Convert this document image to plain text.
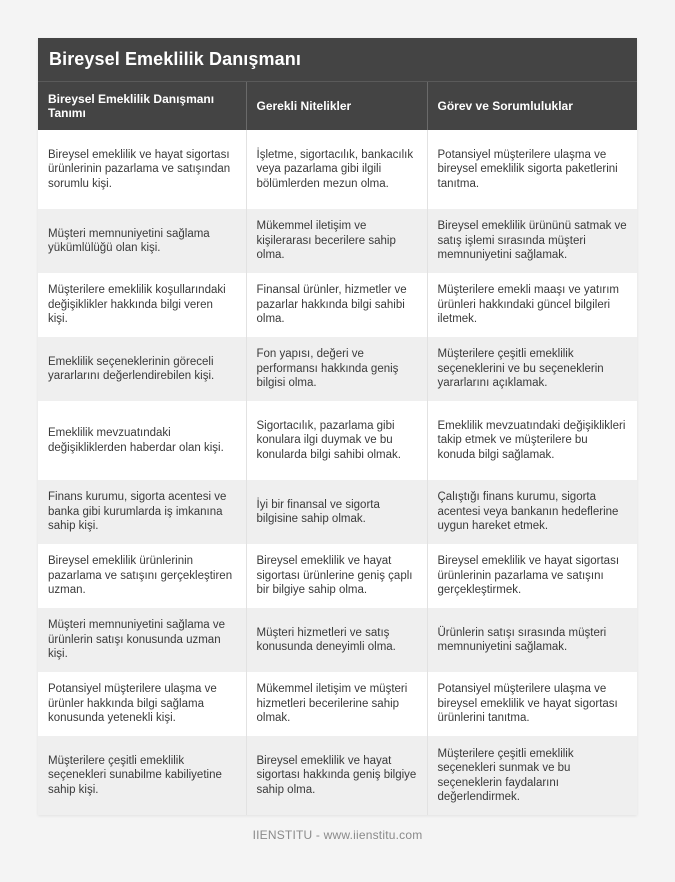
Bireysel Emeklilik Danışmanı
Bireysel Emeklilik Danışmanı Tanımı	Gerekli Nitelikler	Görev ve Sorumluluklar
Bireysel emeklilik ve hayat sigortası ürünlerinin pazarlama ve satışından sorumlu kişi.	İşletme, sigortacılık, bankacılık veya pazarlama gibi ilgili bölümlerden mezun olma.	Potansiyel müşterilere ulaşma ve bireysel emeklilik sigorta paketlerini tanıtma.
Müşteri memnuniyetini sağlama yükümlülüğü olan kişi.	Mükemmel iletişim ve kişilerarası becerilere sahip olma.	Bireysel emeklilik ürününü satmak ve satış işlemi sırasında müşteri memnuniyetini sağlamak.
Müşterilere emeklilik koşullarındaki değişiklikler hakkında bilgi veren kişi.	Finansal ürünler, hizmetler ve pazarlar hakkında bilgi sahibi olma.	Müşterilere emekli maaşı ve yatırım ürünleri hakkındaki güncel bilgileri iletmek.
Emeklilik seçeneklerinin göreceli yararlarını değerlendirebilen kişi.	Fon yapısı, değeri ve performansı hakkında geniş bilgisi olma.	Müşterilere çeşitli emeklilik seçeneklerini ve bu seçeneklerin yararlarını açıklamak.
Emeklilik mevzuatındaki değişikliklerden haberdar olan kişi.	Sigortacılık, pazarlama gibi konulara ilgi duymak ve bu konularda bilgi sahibi olmak.	Emeklilik mevzuatındaki değişiklikleri takip etmek ve müşterilere bu konuda bilgi sağlamak.
Finans kurumu, sigorta acentesi ve banka gibi kurumlarda iş imkanına sahip kişi.	İyi bir finansal ve sigorta bilgisine sahip olmak.	Çalıştığı finans kurumu, sigorta acentesi veya bankanın hedeflerine uygun hareket etmek.
Bireysel emeklilik ürünlerinin pazarlama ve satışını gerçekleştiren uzman.	Bireysel emeklilik ve hayat sigortası ürünlerine geniş çaplı bir bilgiye sahip olma.	Bireysel emeklilik ve hayat sigortası ürünlerinin pazarlama ve satışını gerçekleştirmek.
Müşteri memnuniyetini sağlama ve ürünlerin satışı konusunda uzman kişi.	Müşteri hizmetleri ve satış konusunda deneyimli olma.	Ürünlerin satışı sırasında müşteri memnuniyetini sağlamak.
Potansiyel müşterilere ulaşma ve ürünler hakkında bilgi sağlama konusunda yetenekli kişi.	Mükemmel iletişim ve müşteri hizmetleri becerilerine sahip olmak.	Potansiyel müşterilere ulaşma ve bireysel emeklilik ve hayat sigortası ürünlerini tanıtma.
Müşterilere çeşitli emeklilik seçenekleri sunabilme kabiliyetine sahip kişi.	Bireysel emeklilik ve hayat sigortası hakkında geniş bilgiye sahip olma.	Müşterilere çeşitli emeklilik seçenekleri sunmak ve bu seçeneklerin faydalarını değerlendirmek.
IIENSTITU - www.iienstitu.com
